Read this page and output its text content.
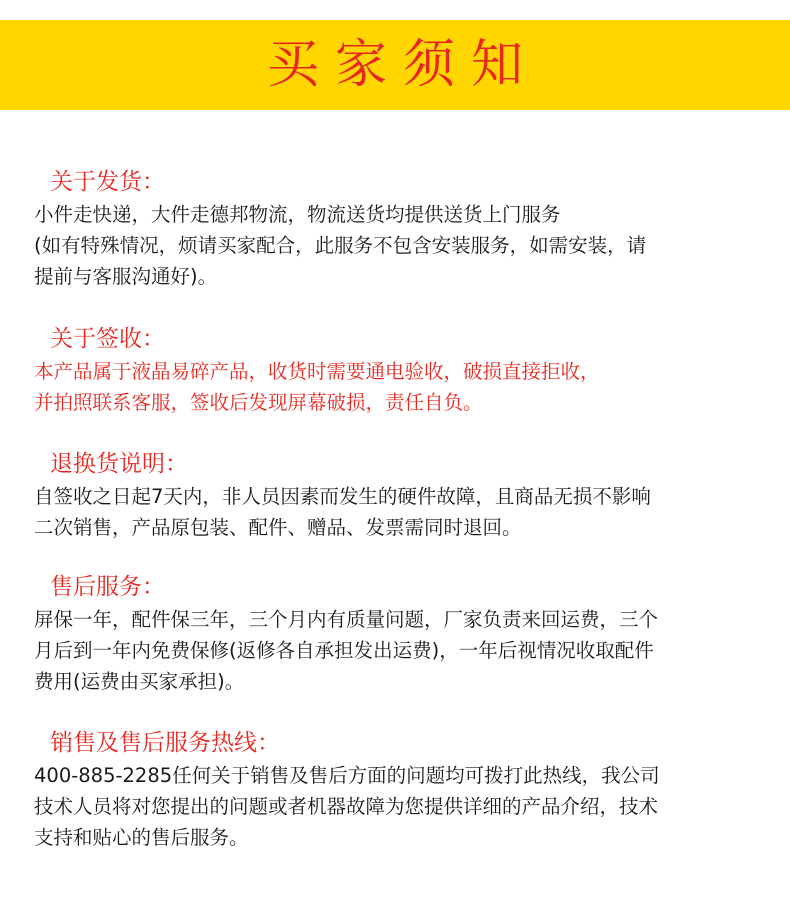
买家须知
关于发货：
小件走快递，大件走德邦物流，物流送货均提供送货上门服务
(如有特殊情况，烦请买家配合，此服务不包含安装服务，如需安装，请
提前与客服沟通好)。
关于签收：
本产品属于液晶易碎产品，收货时需要通电验收，破损直接拒收，
并拍照联系客服，签收后发现屏幕破损，责任自负。
退换货说明：
自签收之日起7天内，非人员因素而发生的硬件故障，且商品无损不影响
二次销售，产品原包装、配件、赠品、发票需同时退回。
售后服务：
屏保一年，配件保三年，三个月内有质量问题，厂家负责来回运费，三个
月后到一年内免费保修(返修各自承担发出运费)，一年后视情况收取配件
费用(运费由买家承担)。
销售及售后服务热线：
400-885-2285任何关于销售及售后方面的问题均可拨打此热线，我公司
技术人员将对您提出的问题或者机器故障为您提供详细的产品介绍，技术
支持和贴心的售后服务。
